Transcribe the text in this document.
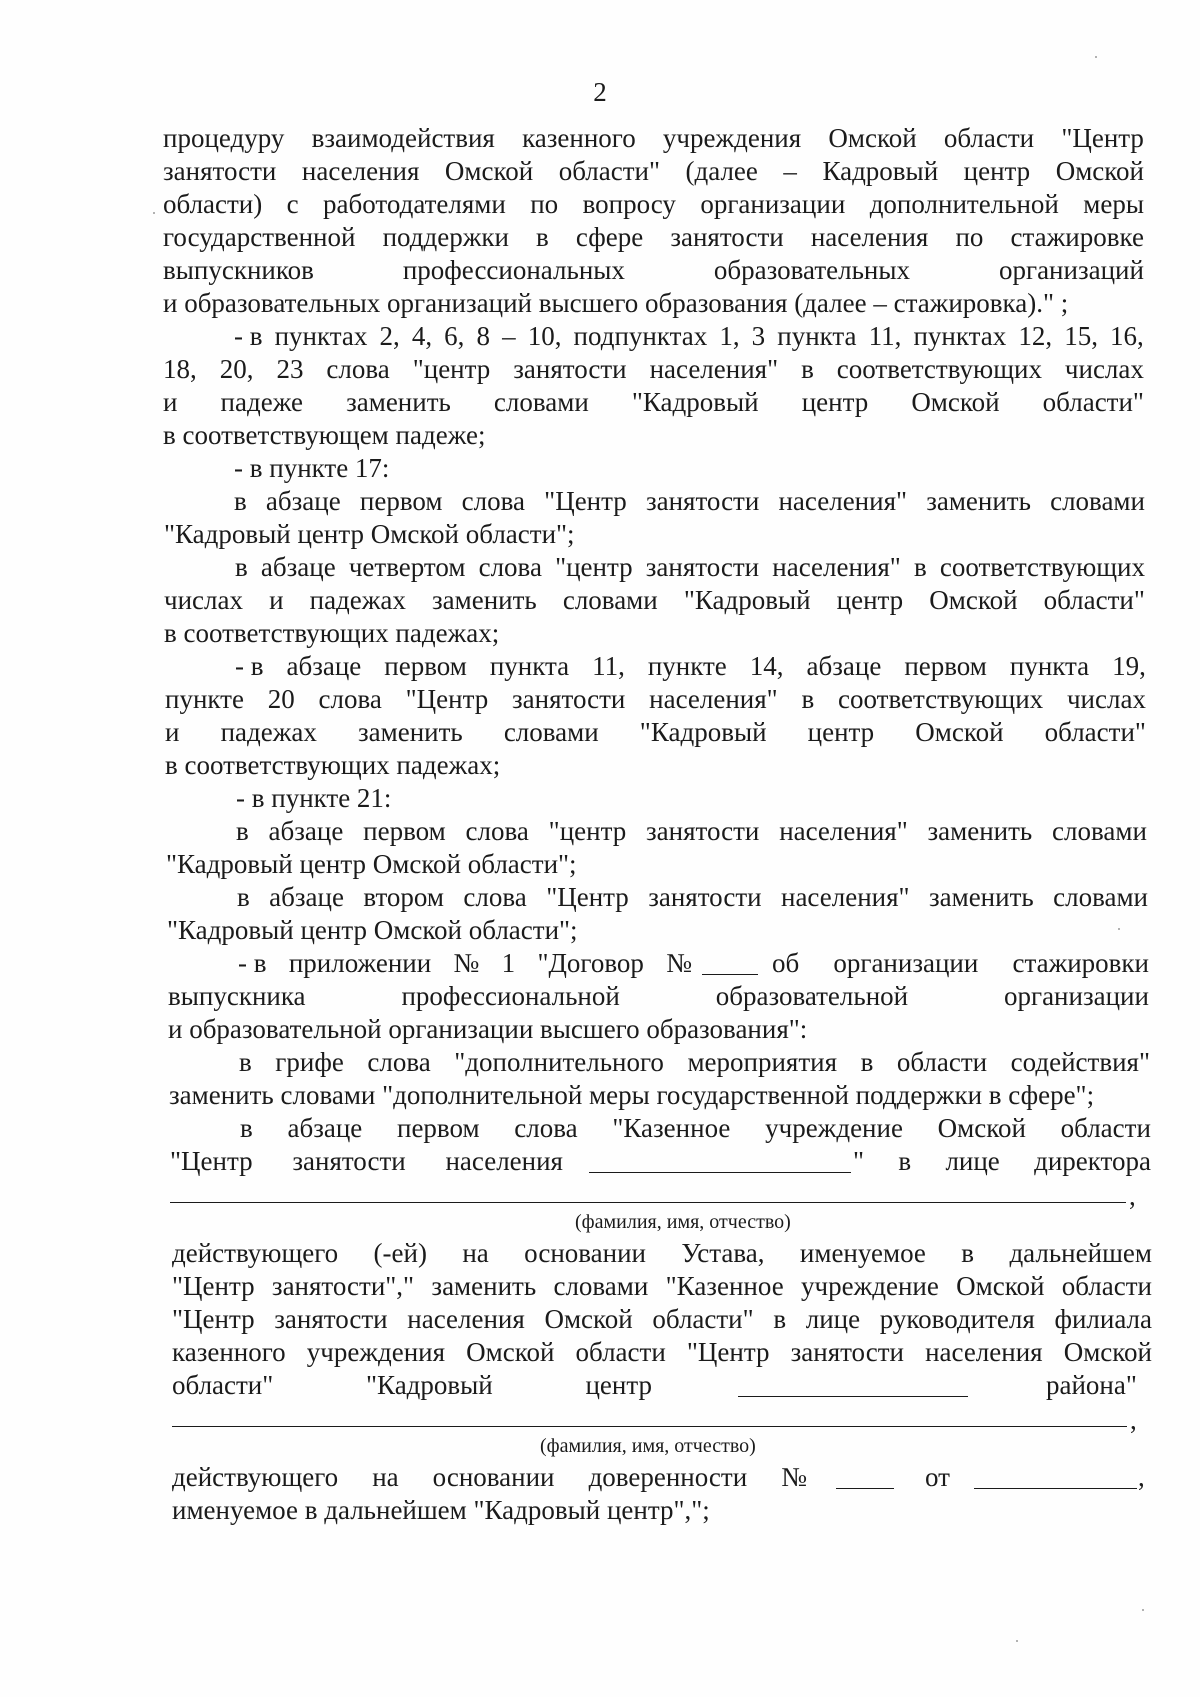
2
процедуру взаимодействия казенного учреждения Омской области "Центр
занятости населения Омской области" (далее – Кадровый центр Омской
области) с работодателями по вопросу организации дополнительной меры
государственной поддержки в сфере занятости населения по стажировке
выпускников	профессиональных	образовательных	организаций
и образовательных организаций высшего образования (далее – стажировка)." ;
- в пунктах 2, 4, 6, 8 – 10, подпунктах 1, 3 пункта 11, пунктах 12, 15, 16,
18, 20, 23 слова "центр занятости населения" в соответствующих числах
и падеже заменить словами "Кадровый центр Омской области"
в соответствующем падеже;
- в пункте 17:
в абзаце первом слова "Центр занятости населения" заменить словами
"Кадровый центр Омской области";
в абзаце четвертом слова "центр занятости населения" в соответствующих
числах и падежах заменить словами "Кадровый центр Омской области"
в соответствующих падежах;
- в абзаце первом пункта 11, пункте 14, абзаце первом пункта 19,
пункте 20 слова "Центр занятости населения" в соответствующих числах
и падежах заменить словами "Кадровый центр Омской области"
в соответствующих падежах;
- в пункте 21:
в абзаце первом слова "центр занятости населения" заменить словами
"Кадровый центр Омской области";
в абзаце втором слова "Центр занятости населения" заменить словами
"Кадровый центр Омской области";
- в приложении № 1 "Договор №	об организации стажировки
выпускника	профессиональной	образовательной	организации
и образовательной организации высшего образования":
в грифе слова "дополнительного мероприятия в области содействия"
заменить словами "дополнительной меры государственной поддержки в сфере";
в абзаце первом слова "Казенное учреждение Омской области
"Центр занятости населения	" в лице директора
,
(фамилия, имя, отчество)
действующего (-ей) на основании Устава, именуемое в дальнейшем
"Центр занятости"," заменить словами "Казенное учреждение Омской области
"Центр занятости населения Омской области" в лице руководителя филиала
казенного учреждения Омской области "Центр занятости населения Омской
области"	"Кадровый	центр	района"
,
(фамилия, имя, отчество)
действующего на основании доверенности №	от	,
именуемое в дальнейшем "Кадровый центр",";
